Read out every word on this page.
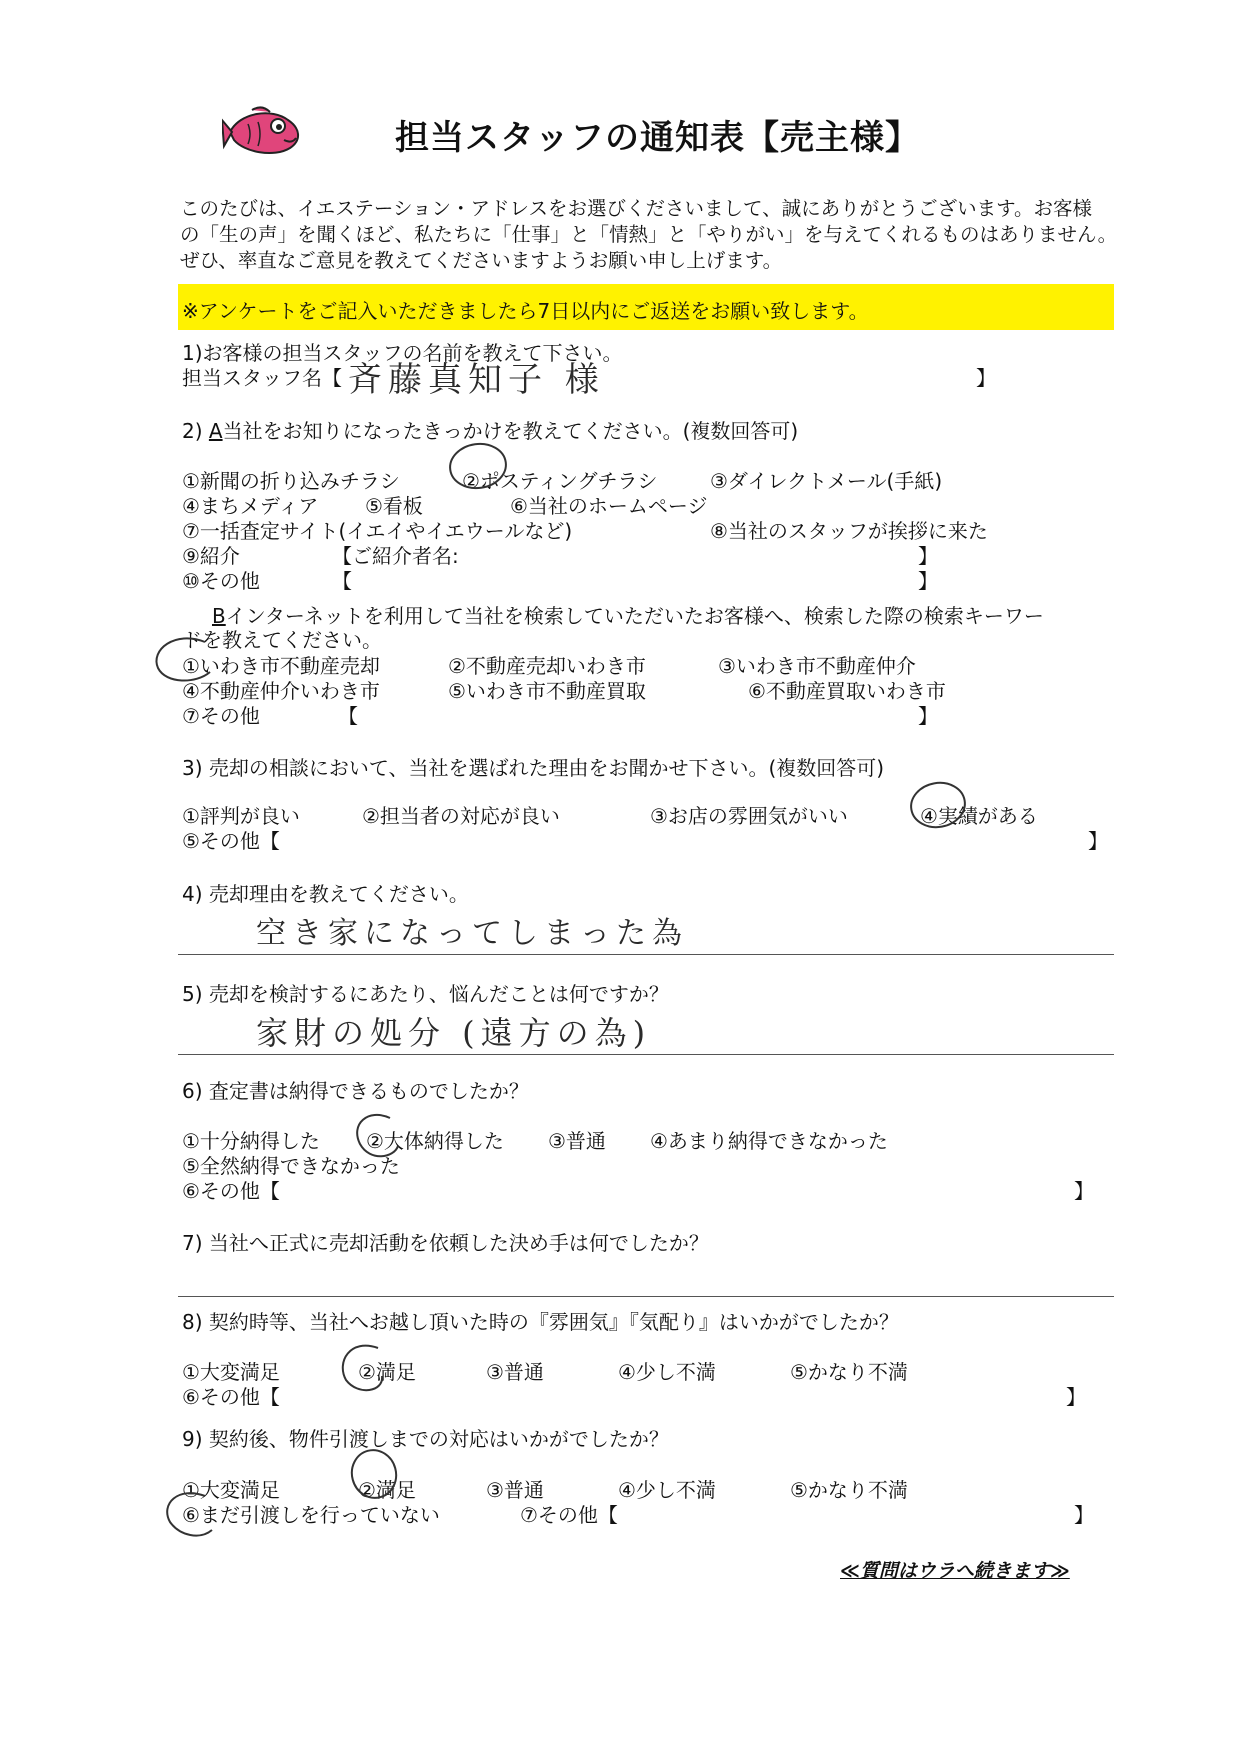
担当スタッフの通知表【売主様】
このたびは、イエステーション・アドレスをお選びくださいまして、誠にありがとうございます。お客様
の「生の声」を聞くほど、私たちに「仕事」と「情熱」と「やりがい」を与えてくれるものはありません。
ぜひ、率直なご意見を教えてくださいますようお願い申し上げます。
※アンケートをご記入いただきましたら7日以内にご返送をお願い致します。
1)お客様の担当スタッフの名前を教えて下さい。
担当スタッフ名【 斉藤真知子 様	】
2) A当社をお知りになったきっかけを教えてください。(複数回答可)
①新聞の折り込みチラシ	②ポスティングチラシ	③ダイレクトメール(手紙)
④まちメディア ⑤看板	⑥当社のホームページ
⑦一括査定サイト(イエイやイエウールなど)	⑧当社のスタッフが挨拶に来た
⑨紹介	【ご紹介者名:	】
⑩その他	【	】
Bインターネットを利用して当社を検索していただいたお客様へ、検索した際の検索キーワー
ドを教えてください。
①いわき市不動産売却	②不動産売却いわき市	③いわき市不動産仲介
④不動産仲介いわき市	⑤いわき市不動産買取	⑥不動産買取いわき市
⑦その他	【	】
3) 売却の相談において、当社を選ばれた理由をお聞かせ下さい。(複数回答可)
①評判が良い	②担当者の対応が良い	③お店の雰囲気がいい	④実績がある
⑤その他【	】
4) 売却理由を教えてください。
空き家になってしまった為
5) 売却を検討するにあたり、悩んだことは何ですか？
家財の処分 (遠方の為)
6) 査定書は納得できるものでしたか？
①十分納得した ②大体納得した ③普通 ④あまり納得できなかった
⑤全然納得できなかった
⑥その他【	】
7) 当社へ正式に売却活動を依頼した決め手は何でしたか？
8) 契約時等、当社へお越し頂いた時の『雰囲気』『気配り』はいかがでしたか？
①大変満足	②満足	③普通	④少し不満	⑤かなり不満
⑥その他【	】
9) 契約後、物件引渡しまでの対応はいかがでしたか？
①大変満足	②満足	③普通	④少し不満	⑤かなり不満
⑥まだ引渡しを行っていない	⑦その他【	】
≪質問はウラへ続きます≫
